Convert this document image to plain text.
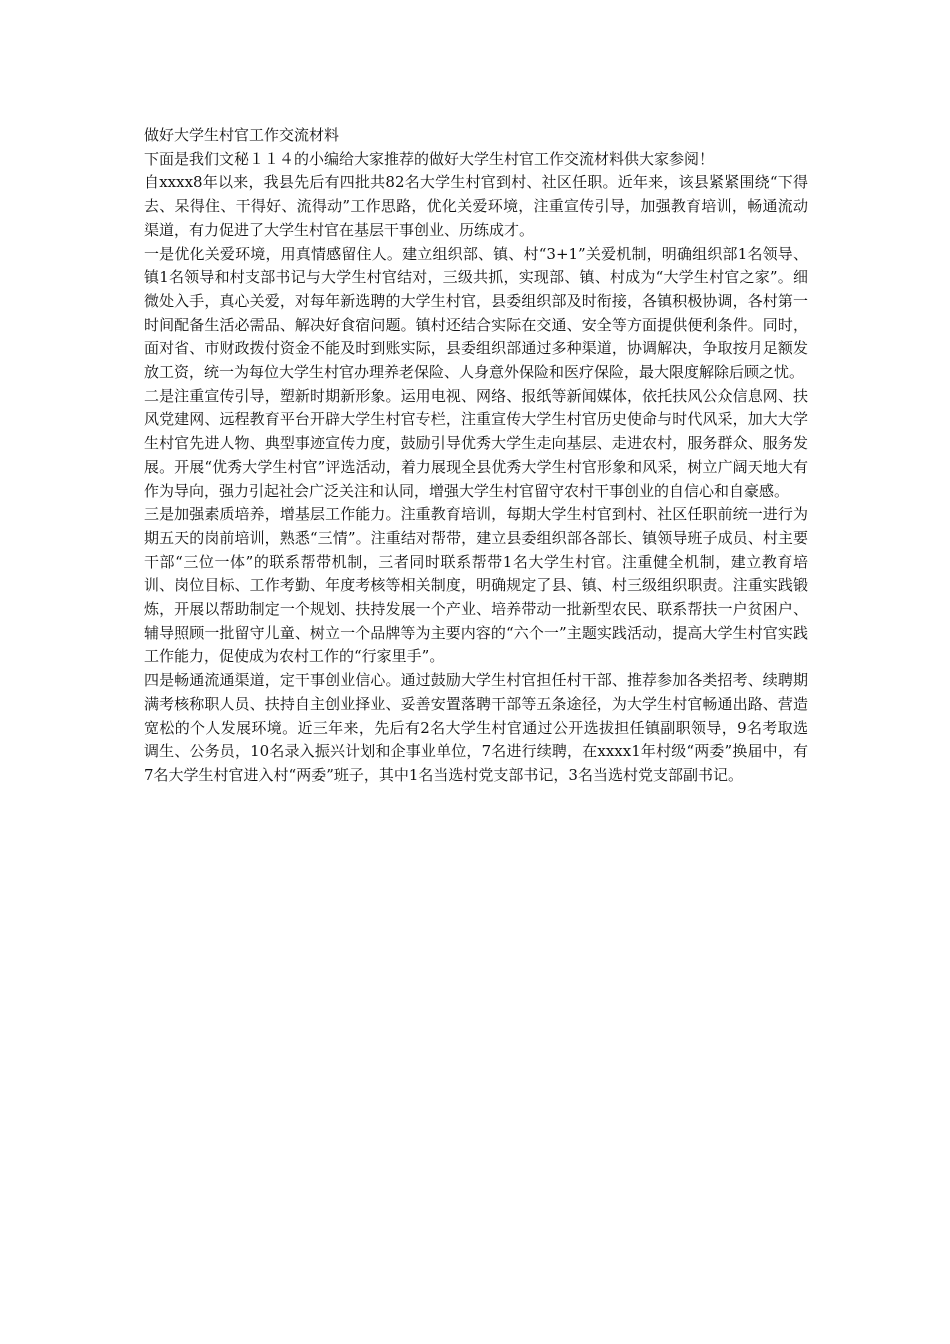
做好大学生村官工作交流材料

下面是我们文秘１１４的小编给大家推荐的做好大学生村官工作交流材料供大家参阅！

自xxxx8年以来，我县先后有四批共82名大学生村官到村、社区任职。近年来，该县紧紧围绕“下得去、呆得住、干得好、流得动”工作思路，优化关爱环境，注重宣传引导，加强教育培训，畅通流动渠道，有力促进了大学生村官在基层干事创业、历练成才。

一是优化关爱环境，用真情感留住人。建立组织部、镇、村“3+1”关爱机制，明确组织部1名领导、镇1名领导和村支部书记与大学生村官结对，三级共抓，实现部、镇、村成为“大学生村官之家”。细微处入手，真心关爱，对每年新选聘的大学生村官，县委组织部及时衔接，各镇积极协调，各村第一时间配备生活必需品、解决好食宿问题。镇村还结合实际在交通、安全等方面提供便利条件。同时，面对省、市财政拨付资金不能及时到账实际，县委组织部通过多种渠道，协调解决，争取按月足额发放工资，统一为每位大学生村官办理养老保险、人身意外保险和医疗保险，最大限度解除后顾之忧。

二是注重宣传引导，塑新时期新形象。运用电视、网络、报纸等新闻媒体，依托扶风公众信息网、扶风党建网、远程教育平台开辟大学生村官专栏，注重宣传大学生村官历史使命与时代风采，加大大学生村官先进人物、典型事迹宣传力度，鼓励引导优秀大学生走向基层、走进农村，服务群众、服务发展。开展“优秀大学生村官”评选活动，着力展现全县优秀大学生村官形象和风采，树立广阔天地大有作为导向，强力引起社会广泛关注和认同，增强大学生村官留守农村干事创业的自信心和自豪感。

三是加强素质培养，增基层工作能力。注重教育培训，每期大学生村官到村、社区任职前统一进行为期五天的岗前培训，熟悉“三情”。注重结对帮带，建立县委组织部各部长、镇领导班子成员、村主要干部“三位一体”的联系帮带机制，三者同时联系帮带1名大学生村官。注重健全机制，建立教育培训、岗位目标、工作考勤、年度考核等相关制度，明确规定了县、镇、村三级组织职责。注重实践锻炼，开展以帮助制定一个规划、扶持发展一个产业、培养带动一批新型农民、联系帮扶一户贫困户、辅导照顾一批留守儿童、树立一个品牌等为主要内容的“六个一”主题实践活动，提高大学生村官实践工作能力，促使成为农村工作的“行家里手”。

四是畅通流通渠道，定干事创业信心。通过鼓励大学生村官担任村干部、推荐参加各类招考、续聘期满考核称职人员、扶持自主创业择业、妥善安置落聘干部等五条途径，为大学生村官畅通出路、营造宽松的个人发展环境。近三年来，先后有2名大学生村官通过公开选拔担任镇副职领导，9名考取选调生、公务员，10名录入振兴计划和企事业单位，7名进行续聘，在xxxx1年村级“两委”换届中，有7名大学生村官进入村“两委”班子，其中1名当选村党支部书记，3名当选村党支部副书记。
